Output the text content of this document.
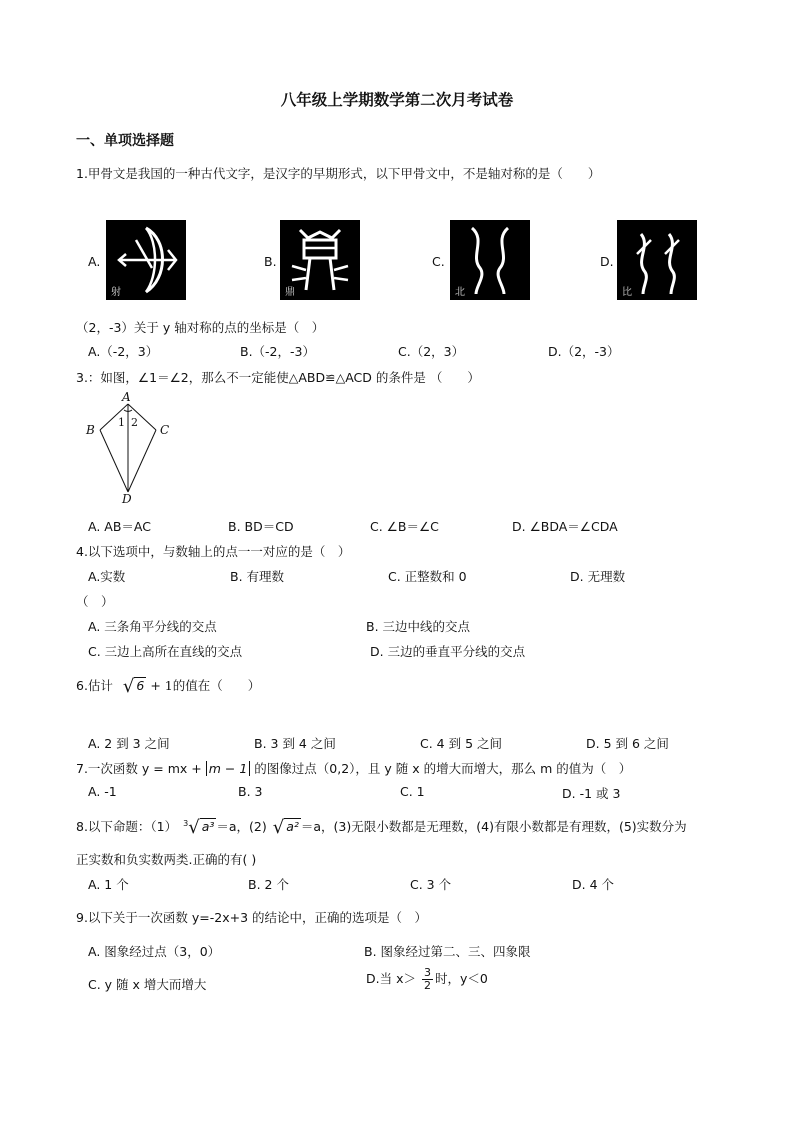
八年级上学期数学第二次月考试卷
一、单项选择题
1.甲骨文是我国的一种古代文字，是汉字的早期形式，以下甲骨文中，不是轴对称的是（　　）
A.
射
B.
鼎
C.
北
D.
比
（2，-3）关于 y 轴对称的点的坐标是（　）
A.（-2，3）	B.（-2，-3）	C.（2，3）	D.（2，-3）
3.：如图，∠1＝∠2，那么不一定能使△ABD≌△ACD 的条件是 （　　）
A
B	C
D
1 2
A. AB＝AC	B. BD＝CD	C. ∠B＝∠C	D. ∠BDA＝∠CDA
4.以下选项中，与数轴上的点一一对应的是（　）
A.实数	B. 有理数	C. 正整数和 0	D. 无理数
（　）
A. 三条角平分线的交点	B. 三边中线的交点
C. 三边上高所在直线的交点	D. 三边的垂直平分线的交点
6.估计 √ 6 + 1的值在（　　）
A. 2 到 3 之间	B. 3 到 4 之间	C. 4 到 5 之间	D. 5 到 6 之间
7.一次函数 y = mx + m − 1 的图像过点（0,2），且 y 随 x 的增大而增大，那么 m 的值为（　）
A. -1	B. 3	C. 1	D. -1 或 3
8.以下命题：（1） $^3$√ a³ ＝a，(2) √ a² ＝a，(3)无限小数都是无理数，(4)有限小数都是有理数，(5)实数分为
正实数和负实数两类.正确的有( )
A. 1 个	B. 2 个	C. 3 个	D. 4 个
9.以下关于一次函数 y=-2x+3 的结论中，正确的选项是（　）
A. 图象经过点（3，0）	B. 图象经过第二、三、四象限
C. y 随 x 增大而增大	D.当 $x> \frac{3}{2}$ 时，y＜0
